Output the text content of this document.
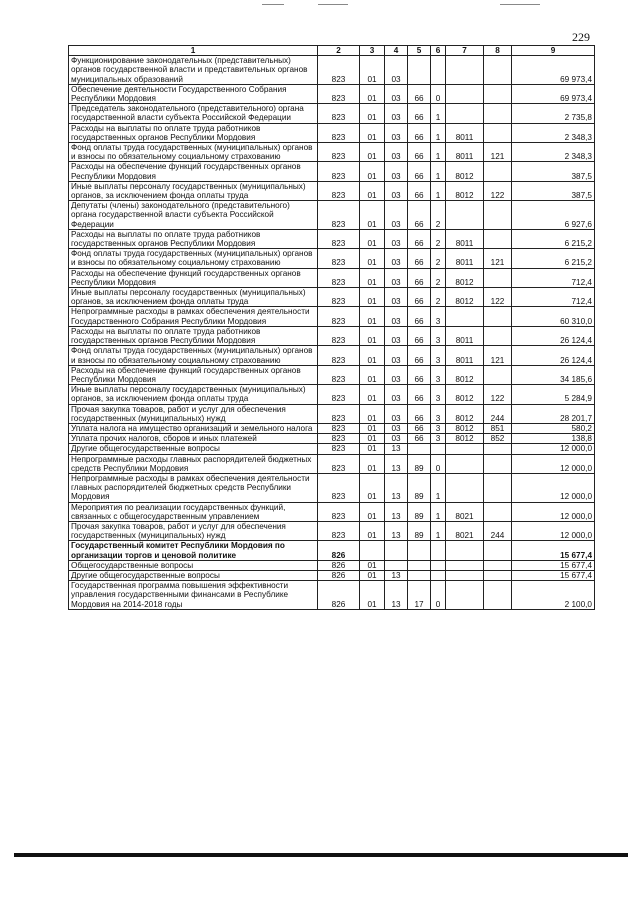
229
1	2	3	4	5	6	7	8	9
Функционирование законодательных (представительных) органов государственной власти и представительных органов муниципальных образований	823	01	03					69 973,4
Обеспечение деятельности Государственного Собрания Республики Мордовия	823	01	03	66	0			69 973,4
Председатель законодательного (представительного) органа государственной власти субъекта Российской Федерации	823	01	03	66	1			2 735,8
Расходы на выплаты по оплате труда работников государственных органов Республики Мордовия	823	01	03	66	1	8011		2 348,3
Фонд оплаты труда государственных (муниципальных) органов и взносы по обязательному социальному страхованию	823	01	03	66	1	8011	121	2 348,3
Расходы на обеспечение функций государственных органов Республики Мордовия	823	01	03	66	1	8012		387,5
Иные выплаты персоналу государственных (муниципальных) органов, за исключением фонда оплаты труда	823	01	03	66	1	8012	122	387,5
Депутаты (члены) законодательного (представительного) органа государственной власти субъекта Российской Федерации	823	01	03	66	2			6 927,6
Расходы на выплаты по оплате труда работников государственных органов Республики Мордовия	823	01	03	66	2	8011		6 215,2
Фонд оплаты труда государственных (муниципальных) органов и взносы по обязательному социальному страхованию	823	01	03	66	2	8011	121	6 215,2
Расходы на обеспечение функций государственных органов Республики Мордовия	823	01	03	66	2	8012		712,4
Иные выплаты персоналу государственных (муниципальных) органов, за исключением фонда оплаты труда	823	01	03	66	2	8012	122	712,4
Непрограммные расходы в рамках обеспечения деятельности Государственного Собрания Республики Мордовия	823	01	03	66	3			60 310,0
Расходы на выплаты по оплате труда работников государственных органов Республики Мордовия	823	01	03	66	3	8011		26 124,4
Фонд оплаты труда государственных (муниципальных) органов и взносы по обязательному социальному страхованию	823	01	03	66	3	8011	121	26 124,4
Расходы на обеспечение функций государственных органов Республики Мордовия	823	01	03	66	3	8012		34 185,6
Иные выплаты персоналу государственных (муниципальных) органов, за исключением фонда оплаты труда	823	01	03	66	3	8012	122	5 284,9
Прочая закупка товаров, работ и услуг для обеспечения государственных (муниципальных) нужд	823	01	03	66	3	8012	244	28 201,7
Уплата налога на имущество организаций и земельного налога	823	01	03	66	3	8012	851	580,2
Уплата прочих налогов, сборов и иных платежей	823	01	03	66	3	8012	852	138,8
Другие общегосударственные вопросы	823	01	13					12 000,0
Непрограммные расходы главных распорядителей бюджетных средств Республики Мордовия	823	01	13	89	0			12 000,0
Непрограммные расходы в рамках обеспечения деятельности главных распорядителей бюджетных средств Республики Мордовия	823	01	13	89	1			12 000,0
Мероприятия по реализации государственных функций, связанных с общегосударственным управлением	823	01	13	89	1	8021		12 000,0
Прочая закупка товаров, работ и услуг для обеспечения государственных (муниципальных) нужд	823	01	13	89	1	8021	244	12 000,0
Государственный комитет Республики Мордовия по организации торгов и ценовой политике	826							15 677,4
Общегосударственные вопросы	826	01						15 677,4
Другие общегосударственные вопросы	826	01	13					15 677,4
Государственная программа повышения эффективности управления государственными финансами в Республике Мордовия на 2014-2018 годы	826	01	13	17	0			2 100,0
